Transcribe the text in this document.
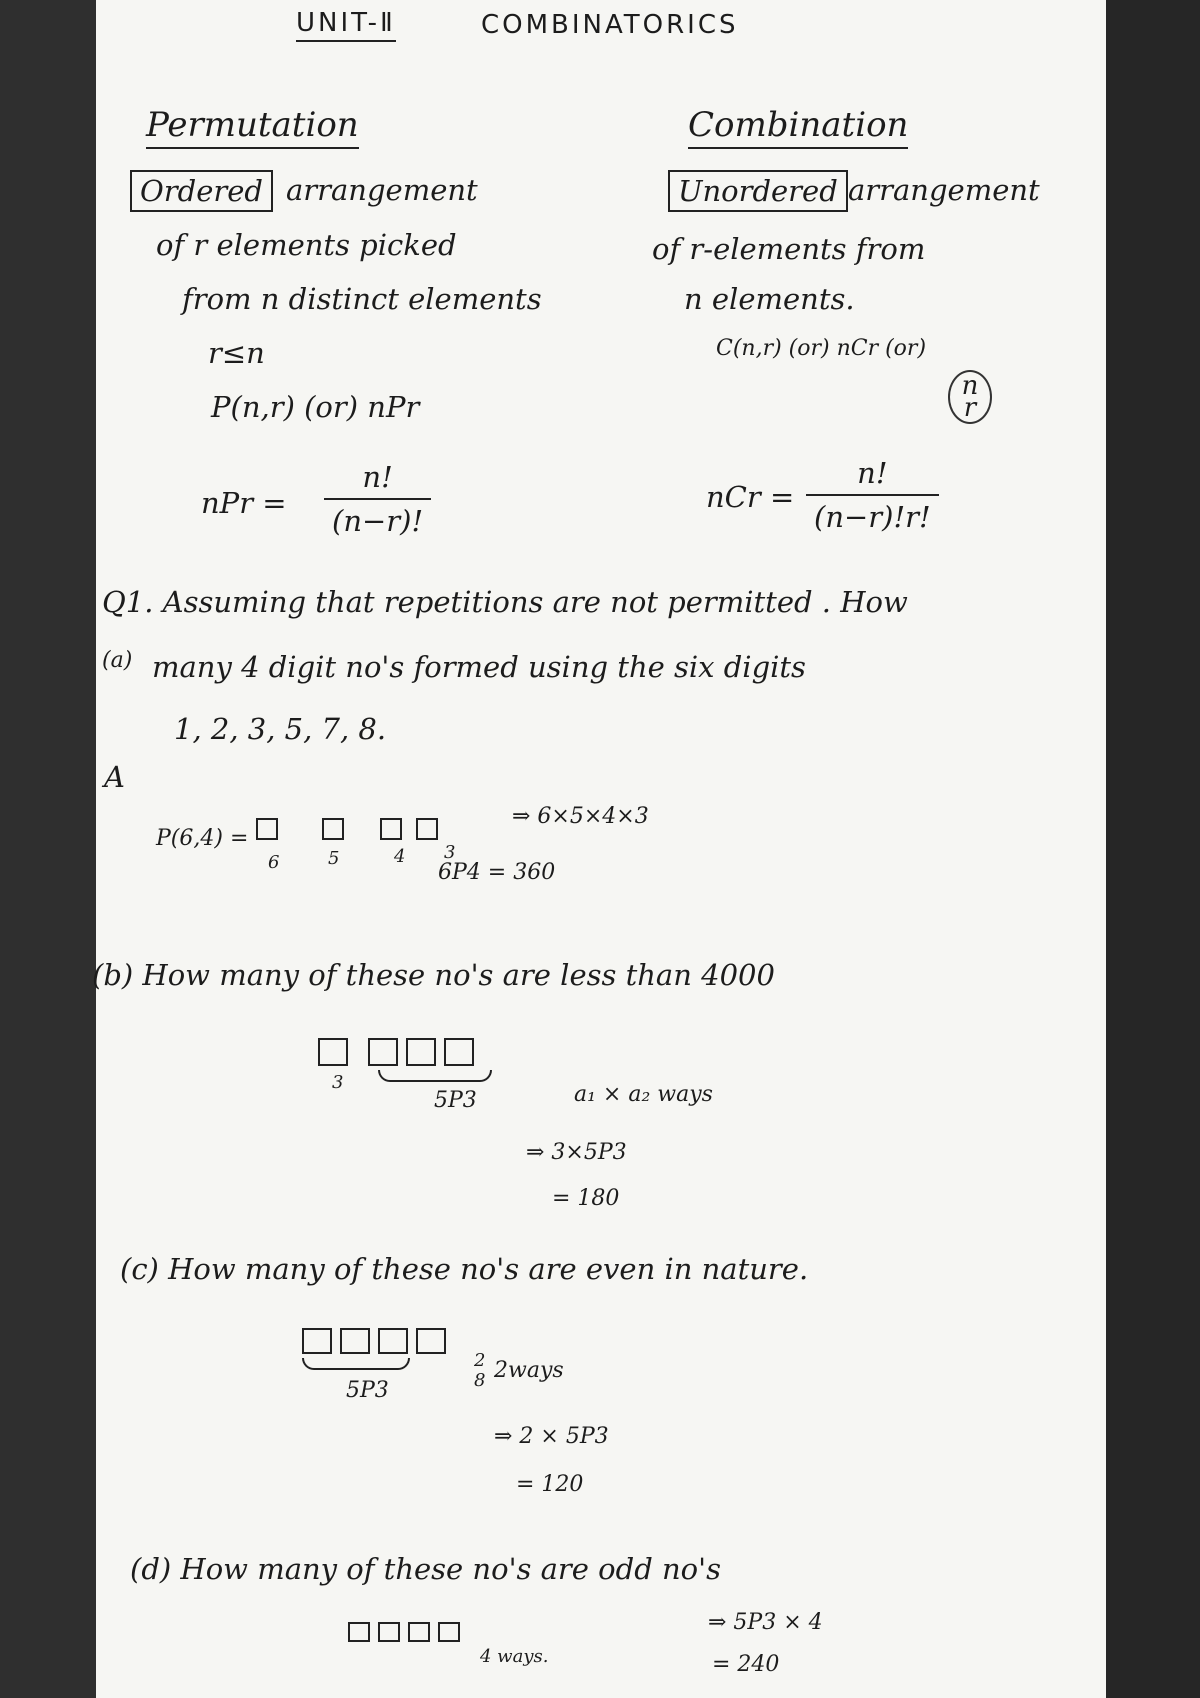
UNIT-Ⅱ	COMBINATORICS
Permutation
Ordered arrangement
of r elements picked
from n distinct elements
r≤n
P(n,r) (or) nPr
nPr = $\frac{n!}{(n-r)!}$
Combination
Unordered arrangement
of r-elements from
n elements.
C(n,r) (or) nCr (or)
n
r
nCr = $\frac{n!}{(n-r)!r!}$
Q1. Assuming that repetitions are not permitted . How
(a) many 4 digit no's formed using the six digits
1, 2, 3, 5, 7, 8.
A
P(6,4) =
6	5	4 3
⇒ 6×5×4×3
6P4 = 360
(b) How many of these no's are less than 4000
3
5P3	a₁ × a₂ ways
⇒ 3×5P3
= 180
(c) How many of these no's are even in nature.
5P3
2
8 2ways
⇒ 2 × 5P3
= 120
(d) How many of these no's are odd no's
4 ways.
⇒ 5P3 × 4
= 240
